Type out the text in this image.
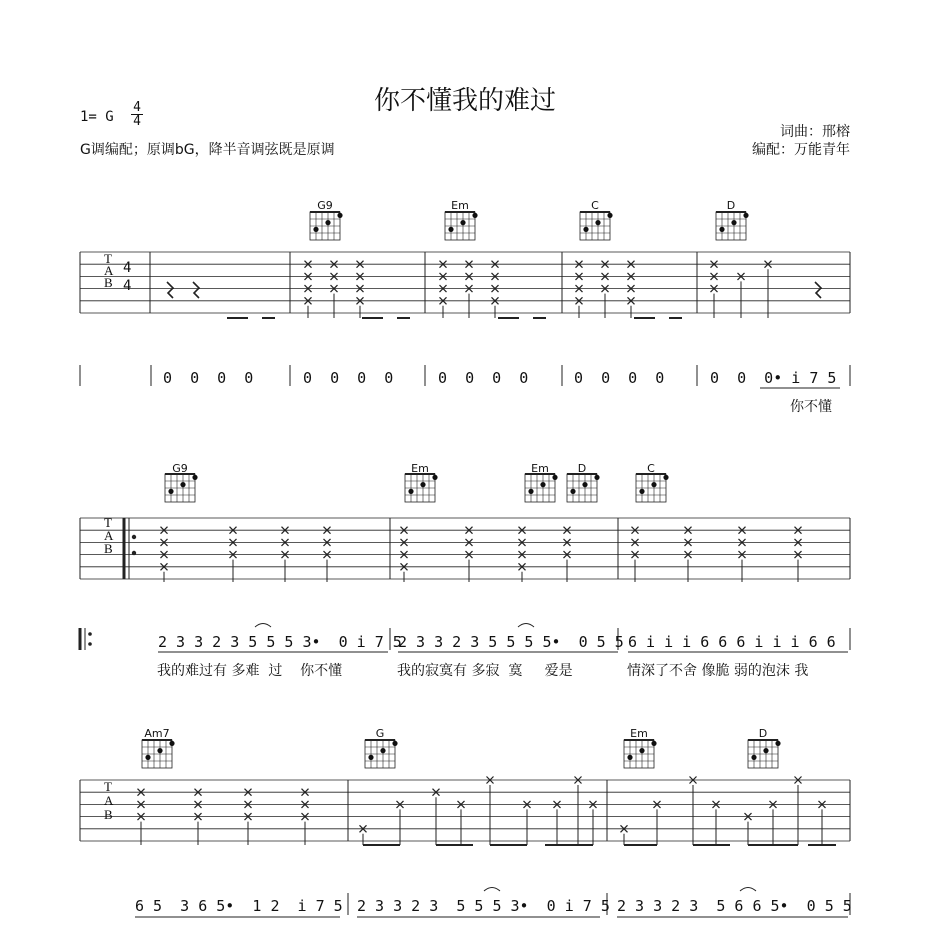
你不懂我的难过
1= G
4
4
G调编配；原调bG，降半音调弦既是原调
词曲：邢榕
编配：万能青年
G9	Em	C	D
G9	Em	Em	D	C
Am7	G	Em	D
T
A
B
4
4
T
A
B
T
A
B
0  0  0  0	0  0  0  0	0  0  0  0	0  0  0  0	0  0  0• i 7 5
你不懂
2 3 3 2 3 5 5 5 3•  0 i 7 5
2 3 3 2 3 5 5 5 5•  0 5 5 6 i i i 6 6 6 i i i 6 6
我的难过有 多难  过    你不懂	我的寂寞有 多寂  寞     爱是	情深了不舍 像脆 弱的泡沫 我
6 5  3 6 5•  1 2  i 7 5 2 3 3 2 3  5 5 5 3•  0 i 7 5 2 3 3 2 3  5 6 6 5•  0 5 5
